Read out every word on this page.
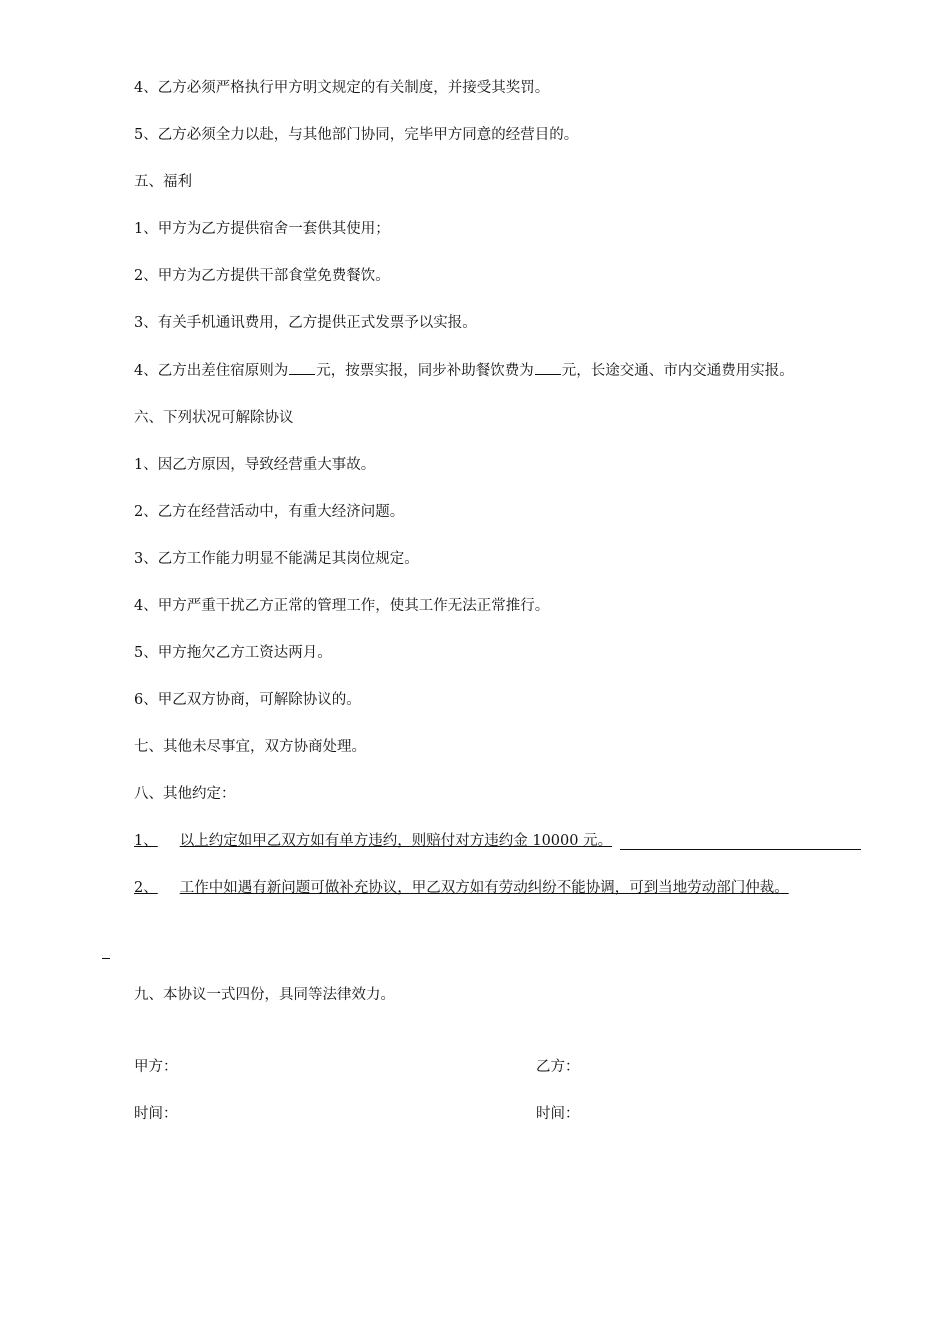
4、乙方必须严格执行甲方明文规定的有关制度，并接受其奖罚。
5、乙方必须全力以赴，与其他部门协同，完毕甲方同意的经营目的。
五、福利
1、甲方为乙方提供宿舍一套供其使用；
2、甲方为乙方提供干部食堂免费餐饮。
3、有关手机通讯费用，乙方提供正式发票予以实报。
4、乙方出差住宿原则为 元，按票实报，同步补助餐饮费为 元，长途交通、市内交通费用实报。
六、下列状况可解除协议
1、因乙方原因，导致经营重大事故。
2、乙方在经营活动中，有重大经济问题。
3、乙方工作能力明显不能满足其岗位规定。
4、甲方严重干扰乙方正常的管理工作，使其工作无法正常推行。
5、甲方拖欠乙方工资达两月。
6、甲乙双方协商，可解除协议的。
七、其他未尽事宜，双方协商处理。
八、其他约定：
1、 以上约定如甲乙双方如有单方违约，则赔付对方违约金 10000 元。
2、 工作中如遇有新问题可做补充协议，甲乙双方如有劳动纠纷不能协调，可到当地劳动部门仲裁。
九、本协议一式四份，具同等法律效力。
甲方：	乙方：
时间：	时间：
